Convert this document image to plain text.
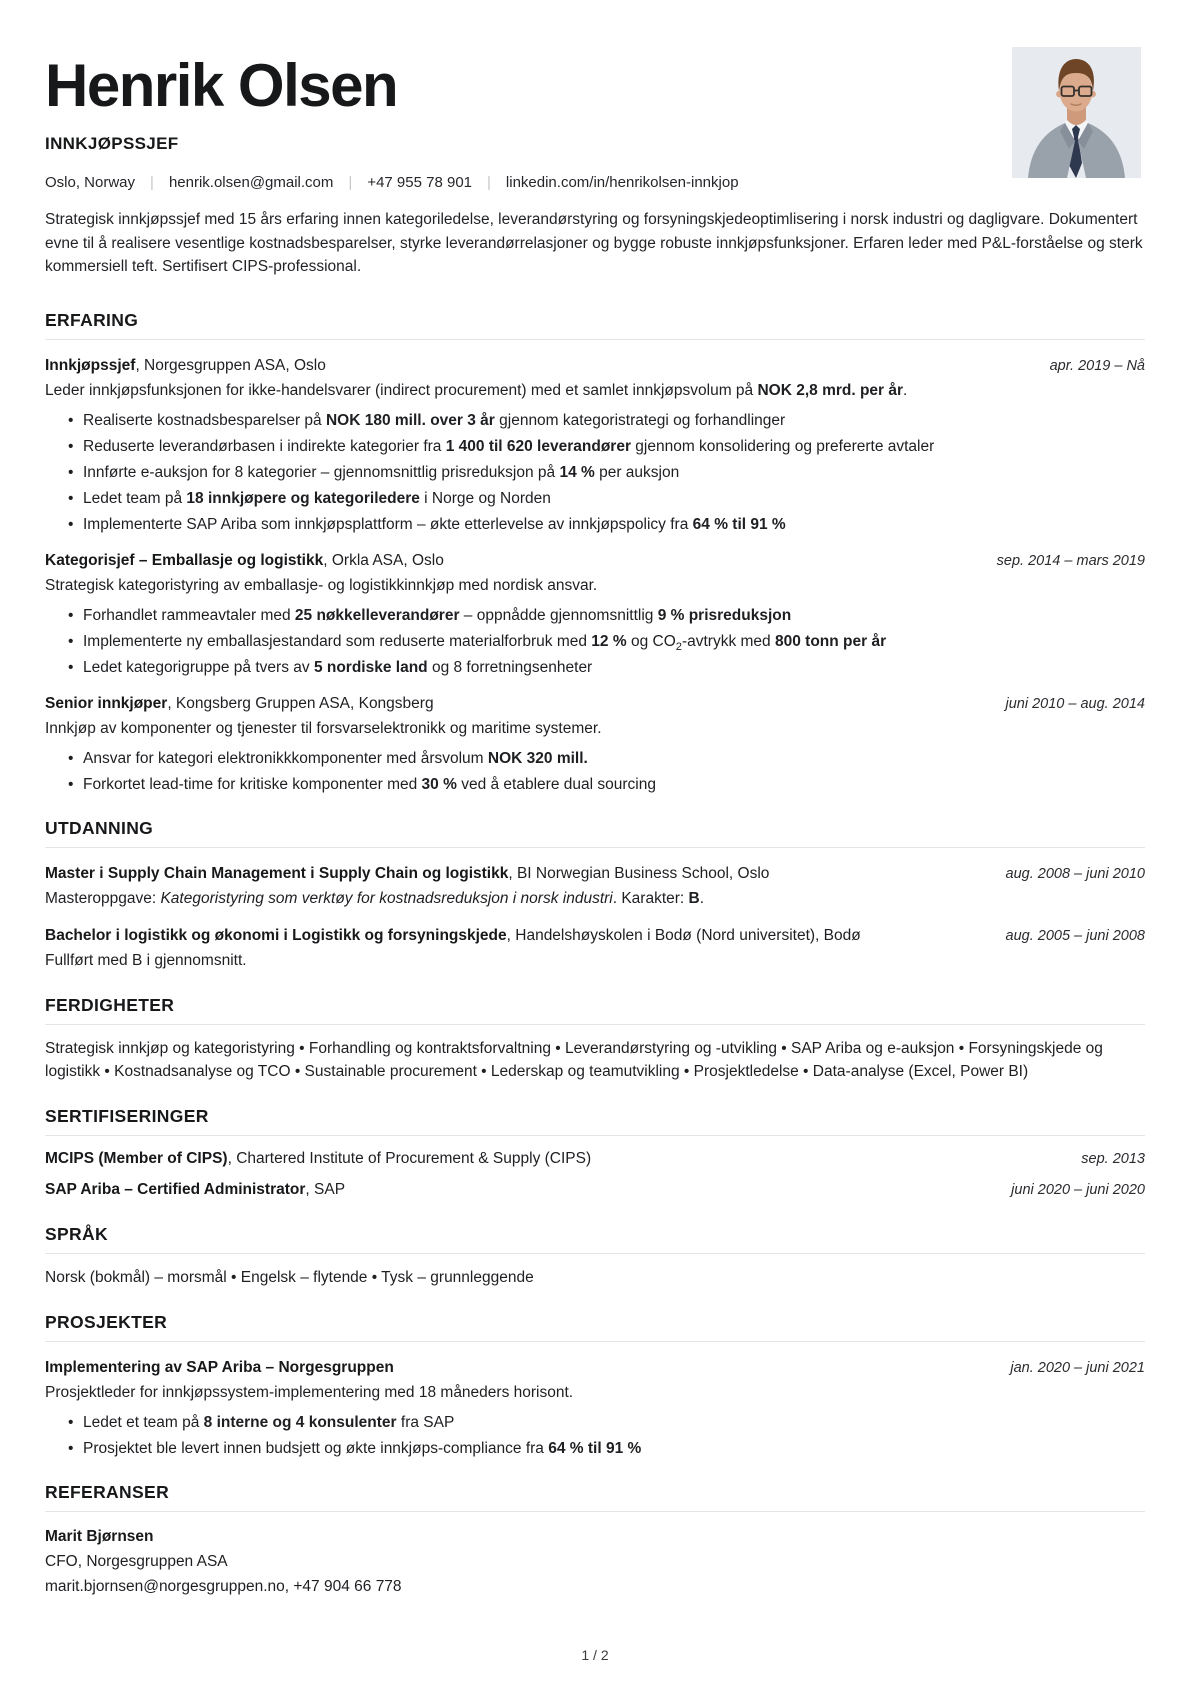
Henrik Olsen
INNKJØPSSJEF
Oslo, Norway | henrik.olsen@gmail.com | +47 955 78 901 | linkedin.com/in/henrikolsen-innkjop

Strategisk innkjøpssjef med 15 års erfaring innen kategoriledelse, leverandørstyring og forsyningskjedeoptimlisering i norsk industri og dagligvare. Dokumentert evne til å realisere vesentlige kostnadsbesparelser, styrke leverandørrelasjoner og bygge robuste innkjøpsfunksjoner. Erfaren leder med P&L-forståelse og sterk kommersiell teft. Sertifisert CIPS-professional.

ERFARING
Innkjøpssjef, Norgesgruppen ASA, Oslo	apr. 2019 – Nå
Leder innkjøpsfunksjonen for ikke-handelsvarer (indirect procurement) med et samlet innkjøpsvolum på NOK 2,8 mrd. per år.
• Realiserte kostnadsbesparelser på NOK 180 mill. over 3 år gjennom kategoristrategi og forhandlinger
• Reduserte leverandørbasen i indirekte kategorier fra 1 400 til 620 leverandører gjennom konsolidering og prefererte avtaler
• Innførte e-auksjon for 8 kategorier – gjennomsnittlig prisreduksjon på 14 % per auksjon
• Ledet team på 18 innkjøpere og kategoriledere i Norge og Norden
• Implementerte SAP Ariba som innkjøpsplattform – økte etterlevelse av innkjøpspolicy fra 64 % til 91 %
Kategorisjef – Emballasje og logistikk, Orkla ASA, Oslo	sep. 2014 – mars 2019
Strategisk kategoristyring av emballasje- og logistikkinnkjøp med nordisk ansvar.
• Forhandlet rammeavtaler med 25 nøkkelleverandører – oppnådde gjennomsnittlig 9 % prisreduksjon
• Implementerte ny emballasjestandard som reduserte materialforbruk med 12 % og $CO_2$-avtrykk med 800 tonn per år
• Ledet kategorigruppe på tvers av 5 nordiske land og 8 forretningsenheter
Senior innkjøper, Kongsberg Gruppen ASA, Kongsberg	juni 2010 – aug. 2014
Innkjøp av komponenter og tjenester til forsvarselektronikk og maritime systemer.
• Ansvar for kategori elektronikkkomponenter med årsvolum NOK 320 mill.
• Forkortet lead-time for kritiske komponenter med 30 % ved å etablere dual sourcing
UTDANNING
Master i Supply Chain Management i Supply Chain og logistikk, BI Norwegian Business School, Oslo	aug. 2008 – juni 2010
Masteroppgave: Kategoristyring som verktøy for kostnadsreduksjon i norsk industri. Karakter: B.
Bachelor i logistikk og økonomi i Logistikk og forsyningskjede, Handelshøyskolen i Bodø (Nord universitet), Bodø	aug. 2005 – juni 2008
Fullført med B i gjennomsnitt.
FERDIGHETER

Strategisk innkjøp og kategoristyring • Forhandling og kontraktsforvaltning • Leverandørstyring og -utvikling • SAP Ariba og e-auksjon • Forsyningskjede og logistikk • Kostnadsanalyse og TCO • Sustainable procurement • Lederskap og teamutvikling • Prosjektledelse • Data-analyse (Excel, Power BI)

SERTIFISERINGER
MCIPS (Member of CIPS), Chartered Institute of Procurement & Supply (CIPS)	sep. 2013
SAP Ariba – Certified Administrator, SAP	juni 2020 – juni 2020
SPRÅK

Norsk (bokmål) – morsmål • Engelsk – flytende • Tysk – grunnleggende

PROSJEKTER
Implementering av SAP Ariba – Norgesgruppen	jan. 2020 – juni 2021
Prosjektleder for innkjøpssystem-implementering med 18 måneders horisont.
• Ledet et team på 8 interne og 4 konsulenter fra SAP
• Prosjektet ble levert innen budsjett og økte innkjøps-compliance fra 64 % til 91 %
REFERANSER
Marit Bjørnsen
CFO, Norgesgruppen ASA
marit.bjornsen@norgesgruppen.no, +47 904 66 778
1 / 2
